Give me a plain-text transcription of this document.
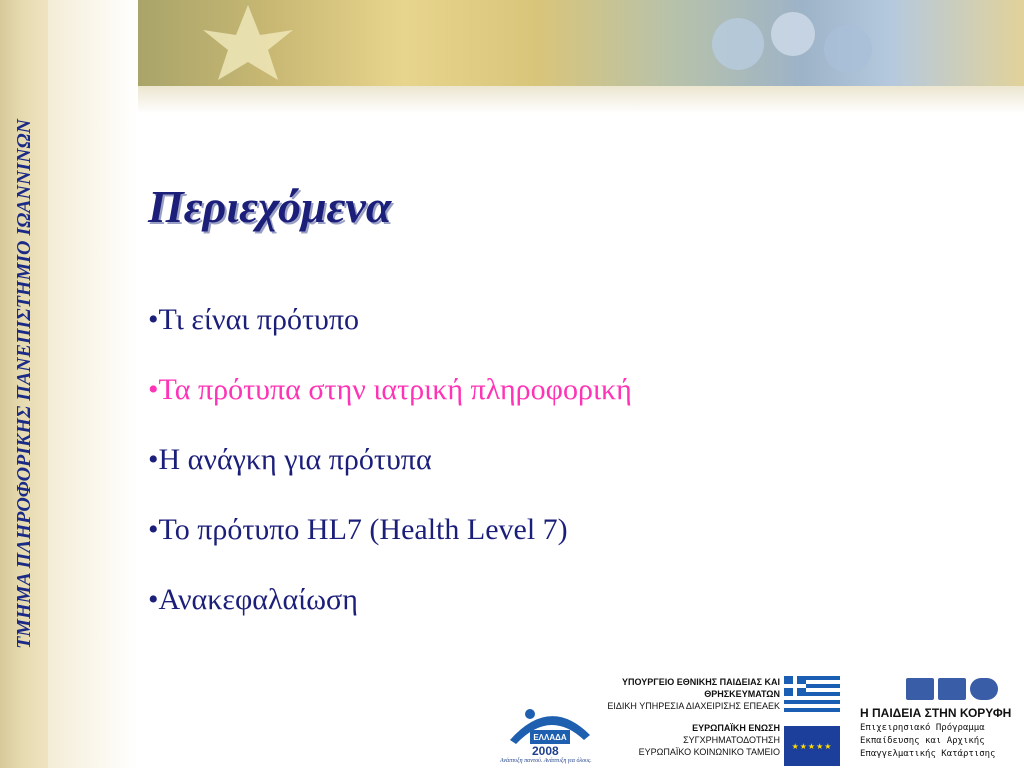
ΤΜΗΜΑ ΠΛΗΡΟΦΟΡΙΚΗΣ ΠΑΝΕΠΙΣΤΗΜΙΟ ΙΩΑΝΝΙΝΩΝ Περιεχόμενα
•Τι είναι πρότυπο
•Τα πρότυπα στην ιατρική πληροφορική
•Η ανάγκη για πρότυπα
•Το πρότυπο HL7 (Health Level 7)
•Ανακεφαλαίωση
ΕΛΛΑΔΑ
2008
Ανάπτυξη παντού. Ανάπτυξη για όλους.
ΥΠΟΥΡΓΕΙΟ ΕΘΝΙΚΗΣ ΠΑΙΔΕΙΑΣ ΚΑΙ ΘΡΗΣΚΕΥΜΑΤΩΝ
ΕΙΔΙΚΗ ΥΠΗΡΕΣΙΑ ΔΙΑΧΕΙΡΙΣΗΣ ΕΠΕΑΕΚ
ΕΥΡΩΠΑΪΚΗ ΕΝΩΣΗ
ΣΥΓΧΡΗΜΑΤΟΔΟΤΗΣΗ
ΕΥΡΩΠΑΪΚΟ ΚΟΙΝΩΝΙΚΟ ΤΑΜΕΙΟ
★★★★★
Η ΠΑΙΔΕΙΑ ΣΤΗΝ ΚΟΡΥΦΗ
Επιχειρησιακό Πρόγραμμα
Εκπαίδευσης και Αρχικής
Επαγγελματικής Κατάρτισης
